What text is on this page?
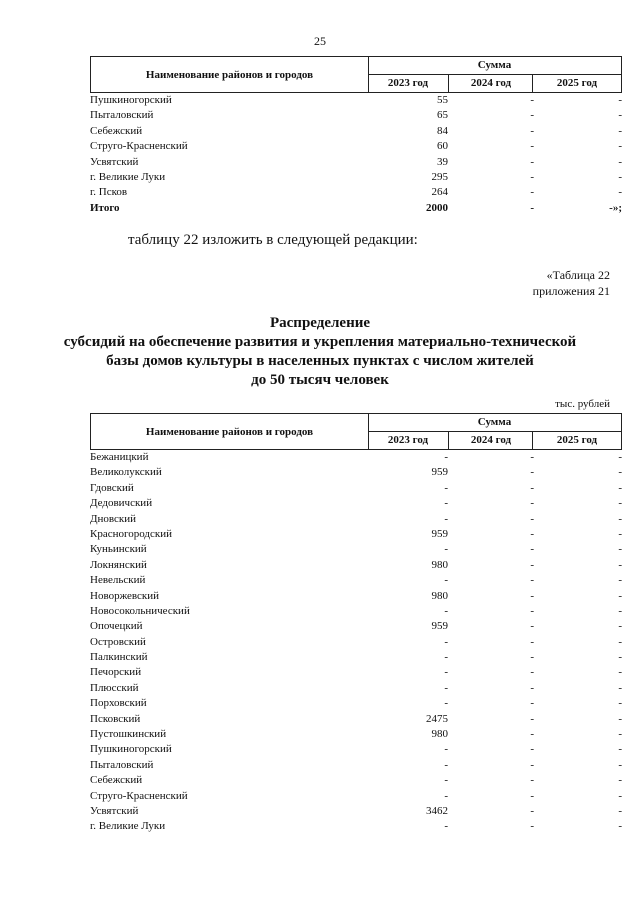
25
Наименование районов и городов
Сумма
2023 год	2024 год	2025 год
Пушкиногорский	55	-	-
Пыталовский	65	-	-
Себежский	84	-	-
Струго-Красненский	60	-	-
Усвятский	39	-	-
г. Великие Луки	295	-	-
г. Псков	264	-	-
Итого	2000	-	-»;
таблицу 22 изложить в следующей редакции:
«Таблица 22
приложения 21
Распределение
субсидий на обеспечение развития и укрепления материально-технической
базы домов культуры в населенных пунктах с числом жителей
до 50 тысяч человек
тыс. рублей
Наименование районов и городов
Сумма
2023 год	2024 год	2025 год
Бежаницкий	-	-	-
Великолукский	959	-	-
Гдовский	-	-	-
Дедовичский	-	-	-
Дновский	-	-	-
Красногородский	959	-	-
Куньинский	-	-	-
Локнянский	980	-	-
Невельский	-	-	-
Новоржевский	980	-	-
Новосокольнический	-	-	-
Опочецкий	959	-	-
Островский	-	-	-
Палкинский	-	-	-
Печорский	-	-	-
Плюсский	-	-	-
Порховский	-	-	-
Псковский	2475	-	-
Пустошкинский	980	-	-
Пушкиногорский	-	-	-
Пыталовский	-	-	-
Себежский	-	-	-
Струго-Красненский	-	-	-
Усвятский	3462	-	-
г. Великие Луки	-	-	-
